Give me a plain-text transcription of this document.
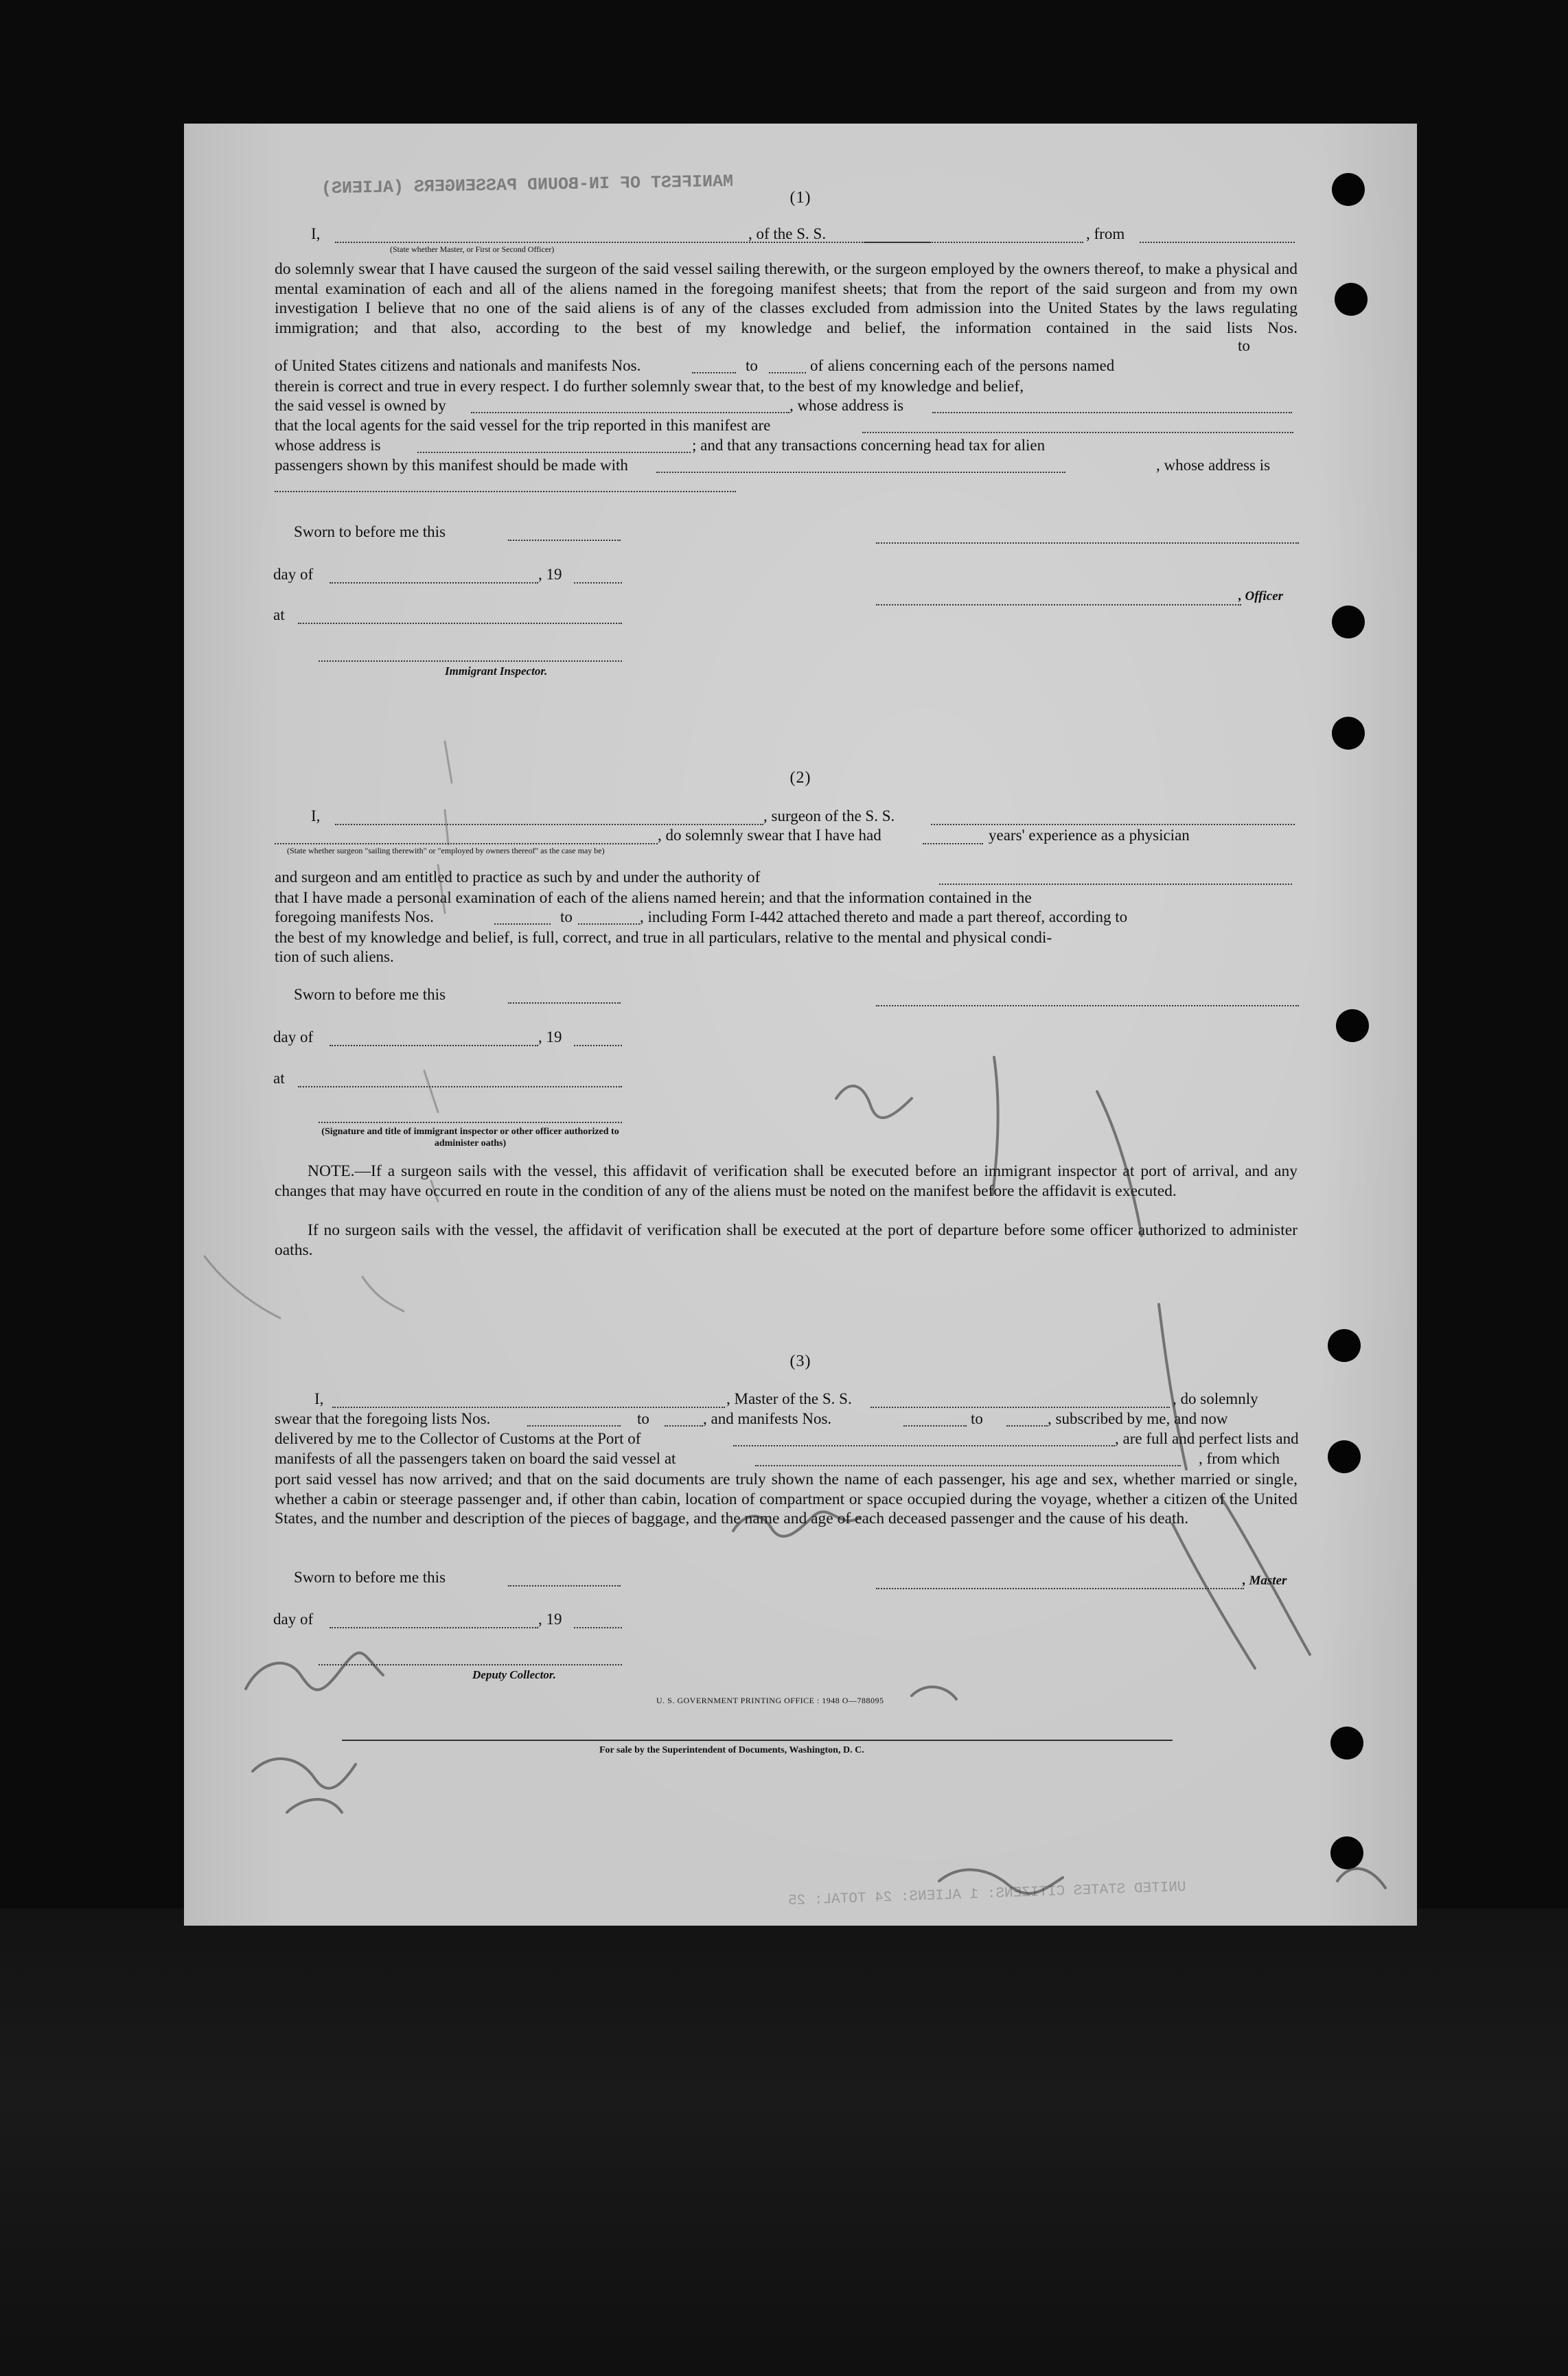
MANIFEST OF IN-BOUND PASSENGERS (ALIENS)	(1)
I,	, of the S. S.	, from
(State whether Master, or First or Second Officer)
do solemnly swear that I have caused the surgeon of the said vessel sailing therewith, or the surgeon employed by the owners thereof, to make a physical and mental examination of each and all of the aliens named in the foregoing manifest sheets; that from the report of the said surgeon and from my own investigation I believe that no one of the said aliens is of any of the classes excluded from admission into the United States by the laws regulating immigration; and that also, according to the best of my knowledge and belief, the information contained in the said lists Nos.
to
of United States citizens and nationals and manifests Nos.	to	of aliens concerning each of the persons named
therein is correct and true in every respect. I do further solemnly swear that, to the best of my knowledge and belief,
the said vessel is owned by	, whose address is
that the local agents for the said vessel for the trip reported in this manifest are
whose address is	; and that any transactions concerning head tax for alien
passengers shown by this manifest should be made with	, whose address is
Sworn to before me this
day of	, 19
, Officer
at
Immigrant Inspector.
(2)
I,	, surgeon of the S. S.
, do solemnly swear that I have had	years' experience as a physician
(State whether surgeon "sailing therewith" or "employed by owners thereof" as the case may be)
and surgeon and am entitled to practice as such by and under the authority of
that I have made a personal examination of each of the aliens named herein; and that the information contained in the
foregoing manifests Nos.	to	, including Form I-442 attached thereto and made a part thereof, according to
the best of my knowledge and belief, is full, correct, and true in all particulars, relative to the mental and physical condi-
tion of such aliens.
Sworn to before me this
day of	, 19
at
(Signature and title of immigrant inspector or other officer authorized to administer oaths)
NOTE.—If a surgeon sails with the vessel, this affidavit of verification shall be executed before an immigrant inspector at port of arrival, and any changes that may have occurred en route in the condition of any of the aliens must be noted on the manifest before the affidavit is executed.
If no surgeon sails with the vessel, the affidavit of verification shall be executed at the port of departure before some officer authorized to administer oaths.
(3)
I,	, Master of the S. S.	, do solemnly
swear that the foregoing lists Nos.	to	, and manifests Nos.	to	, subscribed by me, and now
delivered by me to the Collector of Customs at the Port of	, are full and perfect lists and
manifests of all the passengers taken on board the said vessel at	, from which
port said vessel has now arrived; and that on the said documents are truly shown the name of each passenger, his age and sex, whether married or single, whether a cabin or steerage passenger and, if other than cabin, location of compartment or space occupied during the voyage, whether a citizen of the United States, and the number and description of the pieces of baggage, and the name and age of each deceased passenger and the cause of his death.
Sworn to before me this	, Master
day of	, 19
Deputy Collector.
U. S. GOVERNMENT PRINTING OFFICE : 1948 O—788095
For sale by the Superintendent of Documents, Washington, D. C.
UNITED STATES CITIZENS: 1 ALIENS: 24 TOTAL: 25
